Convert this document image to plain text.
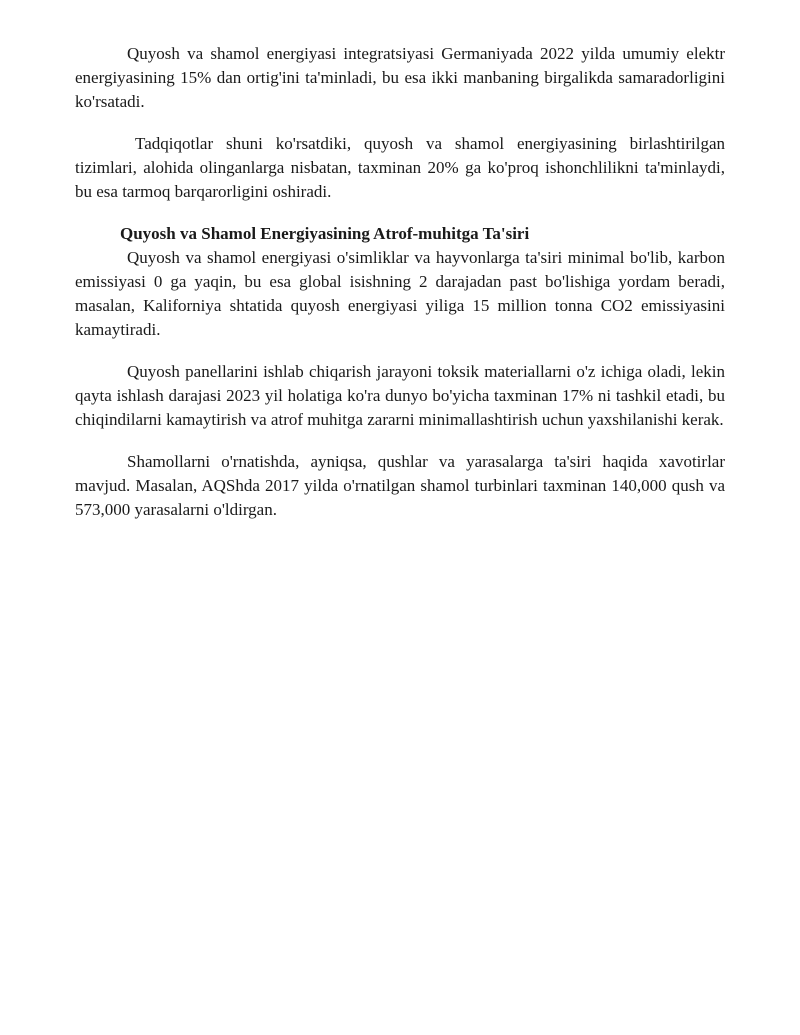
Quyosh va shamol energiyasi integratsiyasi Germaniyada 2022 yilda umumiy elektr energiyasining 15% dan ortig'ini ta'minladi, bu esa ikki manbaning birgalikda samaradorligini ko'rsatadi.

Tadqiqotlar shuni ko'rsatdiki, quyosh va shamol energiyasining birlashtirilgan tizimlari, alohida olinganlarga nisbatan, taxminan 20% ga ko'proq ishonchlilikni ta'minlaydi, bu esa tarmoq barqarorligini oshiradi.

Quyosh va Shamol Energiyasining Atrof-muhitga Ta'siri

Quyosh va shamol energiyasi o'simliklar va hayvonlarga ta'siri minimal bo'lib, karbon emissiyasi 0 ga yaqin, bu esa global isishning 2 darajadan past bo'lishiga yordam beradi, masalan, Kaliforniya shtatida quyosh energiyasi yiliga 15 million tonna CO2 emissiyasini kamaytiradi.

Quyosh panellarini ishlab chiqarish jarayoni toksik materiallarni o'z ichiga oladi, lekin qayta ishlash darajasi 2023 yil holatiga ko'ra dunyo bo'yicha taxminan 17% ni tashkil etadi, bu chiqindilarni kamaytirish va atrof muhitga zararni minimallashtirish uchun yaxshilanishi kerak.

Shamollarni o'rnatishda, ayniqsa, qushlar va yarasalarga ta'siri haqida xavotirlar mavjud. Masalan, AQShda 2017 yilda o'rnatilgan shamol turbinlari taxminan 140,000 qush va 573,000 yarasalarni o'ldirgan.
